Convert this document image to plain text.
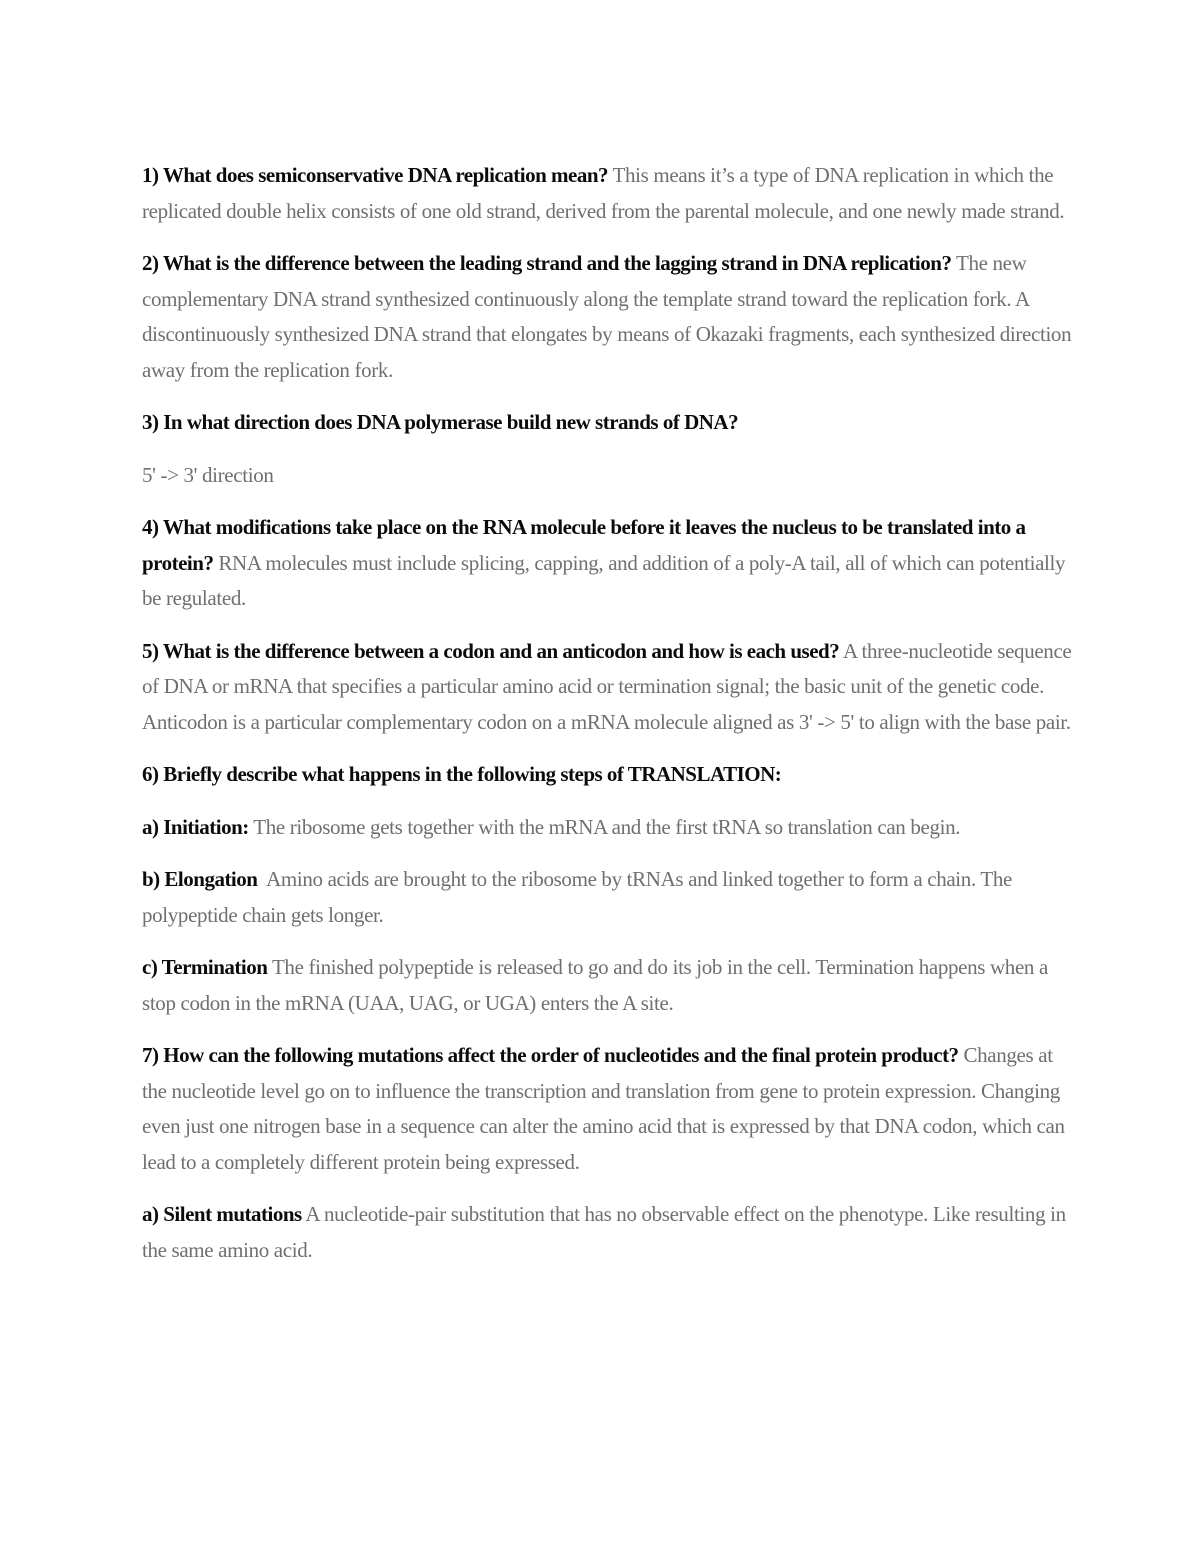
1) What does semiconservative DNA replication mean? This means it’s a type of DNA replication in which the replicated double helix consists of one old strand, derived from the parental molecule, and one newly made strand.

2) What is the difference between the leading strand and the lagging strand in DNA replication? The new complementary DNA strand synthesized continuously along the template strand toward the replication fork. A discontinuously synthesized DNA strand that elongates by means of Okazaki fragments, each synthesized direction away from the replication fork.

3) In what direction does DNA polymerase build new strands of DNA?

5' -> 3' direction

4) What modifications take place on the RNA molecule before it leaves the nucleus to be translated into a protein? RNA molecules must include splicing, capping, and addition of a poly-A tail, all of which can potentially be regulated.

5) What is the difference between a codon and an anticodon and how is each used? A three-nucleotide sequence of DNA or mRNA that specifies a particular amino acid or termination signal; the basic unit of the genetic code. Anticodon is a particular complementary codon on a mRNA molecule aligned as 3' -> 5' to align with the base pair.

6) Briefly describe what happens in the following steps of TRANSLATION:

a) Initiation: The ribosome gets together with the mRNA and the first tRNA so translation can begin.

b) Elongation  Amino acids are brought to the ribosome by tRNAs and linked together to form a chain. The polypeptide chain gets longer.

c) Termination The finished polypeptide is released to go and do its job in the cell. Termination happens when a stop codon in the mRNA (UAA, UAG, or UGA) enters the A site.

7) How can the following mutations affect the order of nucleotides and the final protein product? Changes at the nucleotide level go on to influence the transcription and translation from gene to protein expression. Changing even just one nitrogen base in a sequence can alter the amino acid that is expressed by that DNA codon, which can lead to a completely different protein being expressed.

a) Silent mutations A nucleotide-pair substitution that has no observable effect on the phenotype. Like resulting in the same amino acid.
